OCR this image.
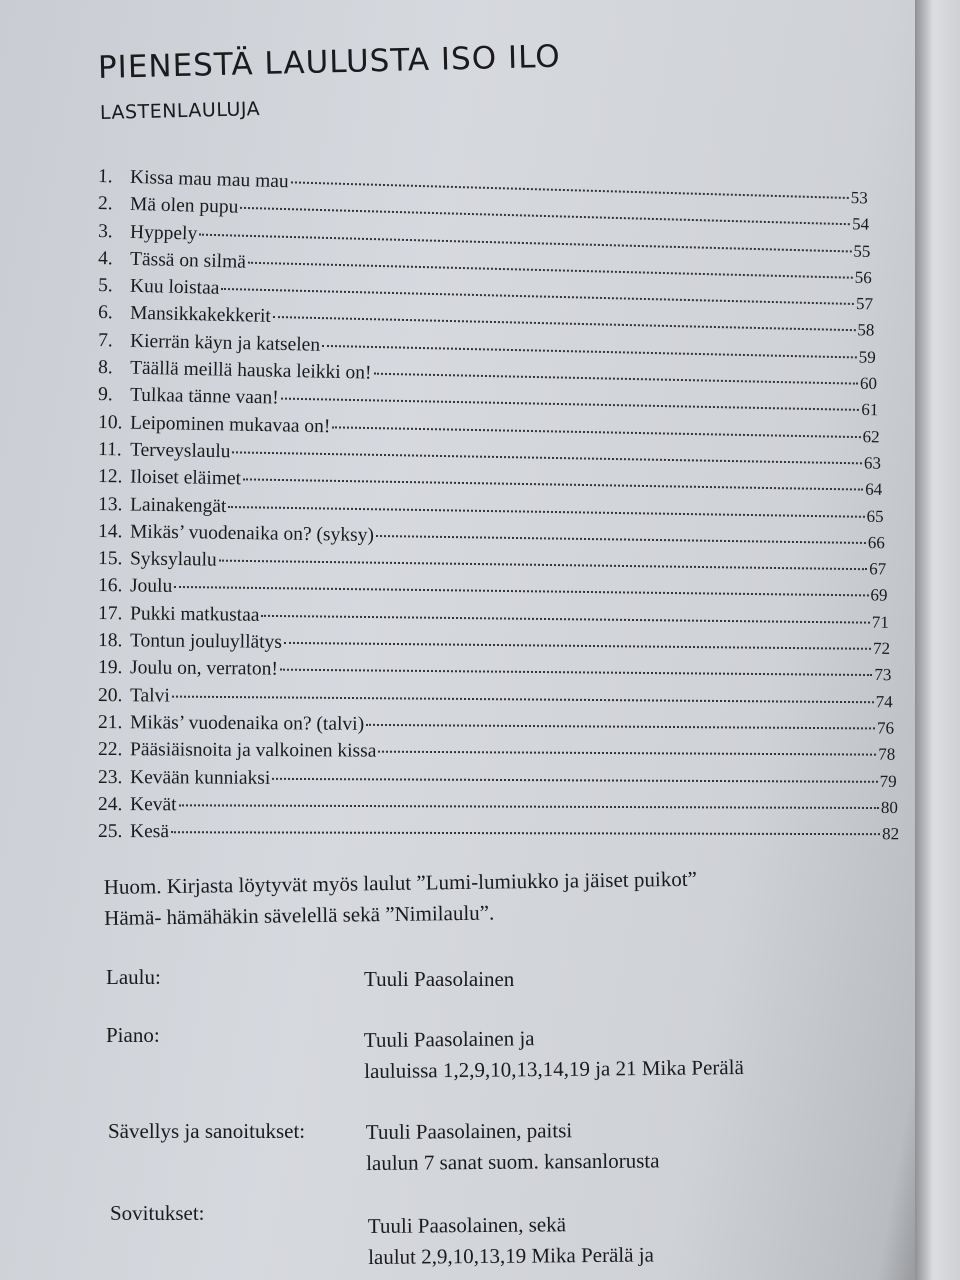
PIENESTÄ LAULUSTA ISO ILO
LASTENLAULUJA
1. Kissa mau mau mau
53
2. Mä olen pupu
54
3. Hyppely
55
4. Tässä on silmä
56
5. Kuu loistaa
57
6. Mansikkakekkerit
58
7. Kierrän käyn ja katselen
59
8. Täällä meillä hauska leikki on!	60
9. Tulkaa tänne vaan!
61
10. Leipominen mukavaa on!	62
11. Terveyslaulu
63
12. Iloiset eläimet	64
13. Lainakengät	65
14. Mikäs’ vuodenaika on? (syksy)	66
15. Syksylaulu	67
16. Joulu	69
17. Pukki matkustaa	71
18. Tontun jouluyllätys	72
19. Joulu on, verraton!	73
20. Talvi	74
21. Mikäs’ vuodenaika on? (talvi)	76
22. Pääsiäisnoita ja valkoinen kissa	78
23. Kevään kunniaksi	79
24. Kevät	80
25. Kesä	82
Huom. Kirjasta löytyvät myös laulut ”Lumi-lumiukko ja jäiset puikot”
Hämä- hämähäkin sävelellä sekä ”Nimilaulu”.
Laulu:	Tuuli Paasolainen
Piano:	Tuuli Paasolainen ja
lauluissa 1,2,9,10,13,14,19 ja 21 Mika Perälä
Sävellys ja sanoitukset:	Tuuli Paasolainen, paitsi
laulun 7 sanat suom. kansanlorusta
Sovitukset:	Tuuli Paasolainen, sekä
laulut 2,9,10,13,19 Mika Perälä ja
